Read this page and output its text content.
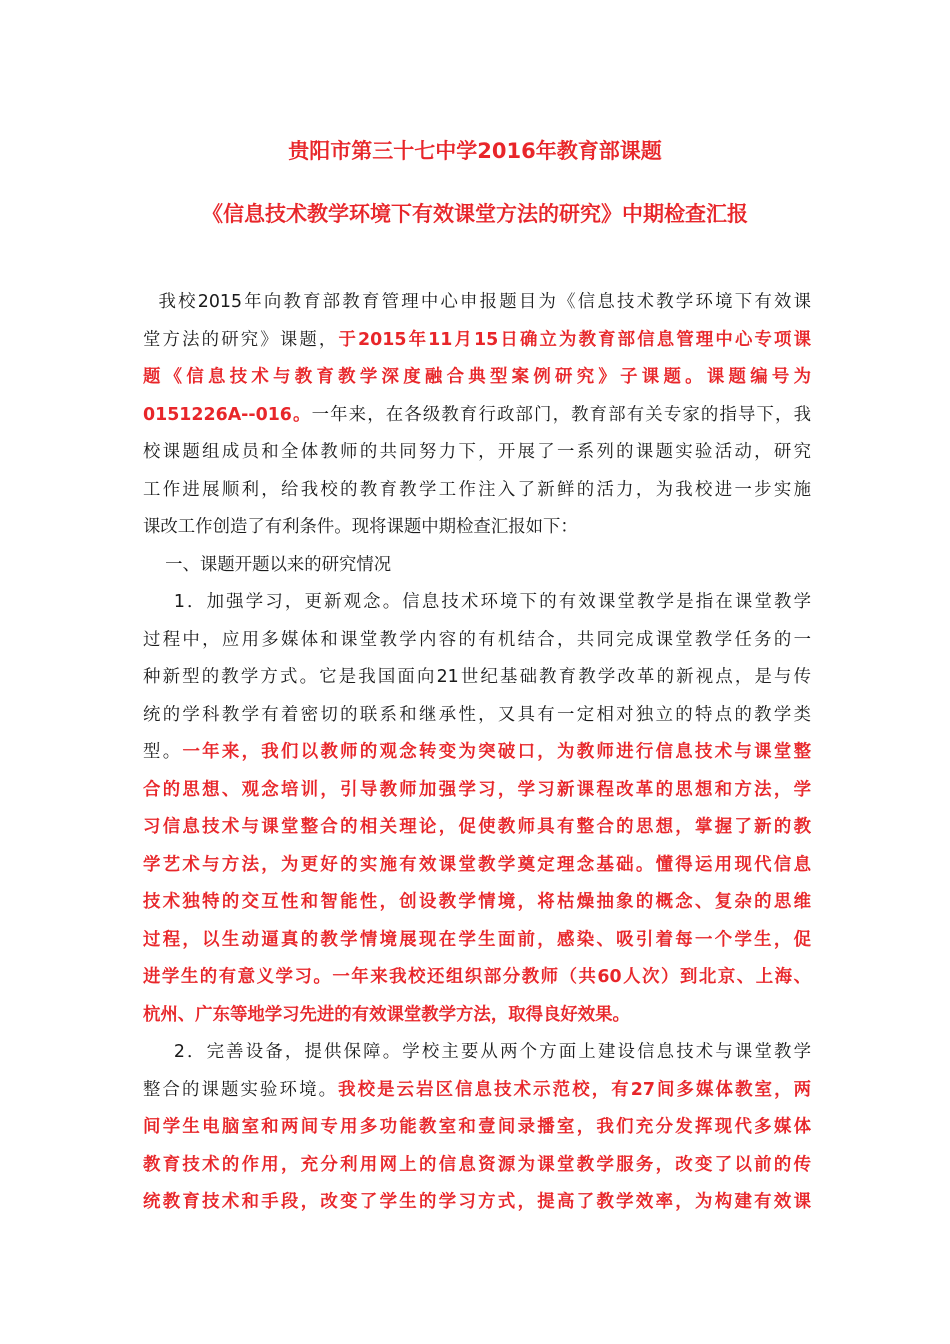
贵阳市第三十七中学2016年教育部课题
《信息技术教学环境下有效课堂方法的研究》中期检查汇报
我校2015年向教育部教育管理中心申报题目为《信息技术教学环境下有效课
堂方法的研究》课题，于2015年11月15日确立为教育部信息管理中心专项课
题《信息技术与教育教学深度融合典型案例研究》子课题。课题编号为
0151226A--016。一年来，在各级教育行政部门，教育部有关专家的指导下，我
校课题组成员和全体教师的共同努力下，开展了一系列的课题实验活动，研究
工作进展顺利，给我校的教育教学工作注入了新鲜的活力，为我校进一步实施
课改工作创造了有利条件。现将课题中期检查汇报如下：
一、课题开题以来的研究情况
1．加强学习，更新观念。信息技术环境下的有效课堂教学是指在课堂教学
过程中，应用多媒体和课堂教学内容的有机结合，共同完成课堂教学任务的一
种新型的教学方式。它是我国面向21世纪基础教育教学改革的新视点，是与传
统的学科教学有着密切的联系和继承性，又具有一定相对独立的特点的教学类
型。一年来，我们以教师的观念转变为突破口，为教师进行信息技术与课堂整
合的思想、观念培训，引导教师加强学习，学习新课程改革的思想和方法，学
习信息技术与课堂整合的相关理论，促使教师具有整合的思想，掌握了新的教
学艺术与方法，为更好的实施有效课堂教学奠定理念基础。懂得运用现代信息
技术独特的交互性和智能性，创设教学情境，将枯燥抽象的概念、复杂的思维
过程，以生动逼真的教学情境展现在学生面前，感染、吸引着每一个学生，促
进学生的有意义学习。一年来我校还组织部分教师（共60人次）到北京、上海、
杭州、广东等地学习先进的有效课堂教学方法，取得良好效果。
2．完善设备，提供保障。学校主要从两个方面上建设信息技术与课堂教学
整合的课题实验环境。我校是云岩区信息技术示范校，有27间多媒体教室，两
间学生电脑室和两间专用多功能教室和壹间录播室，我们充分发挥现代多媒体
教育技术的作用，充分利用网上的信息资源为课堂教学服务，改变了以前的传
统教育技术和手段，改变了学生的学习方式，提高了教学效率，为构建有效课
